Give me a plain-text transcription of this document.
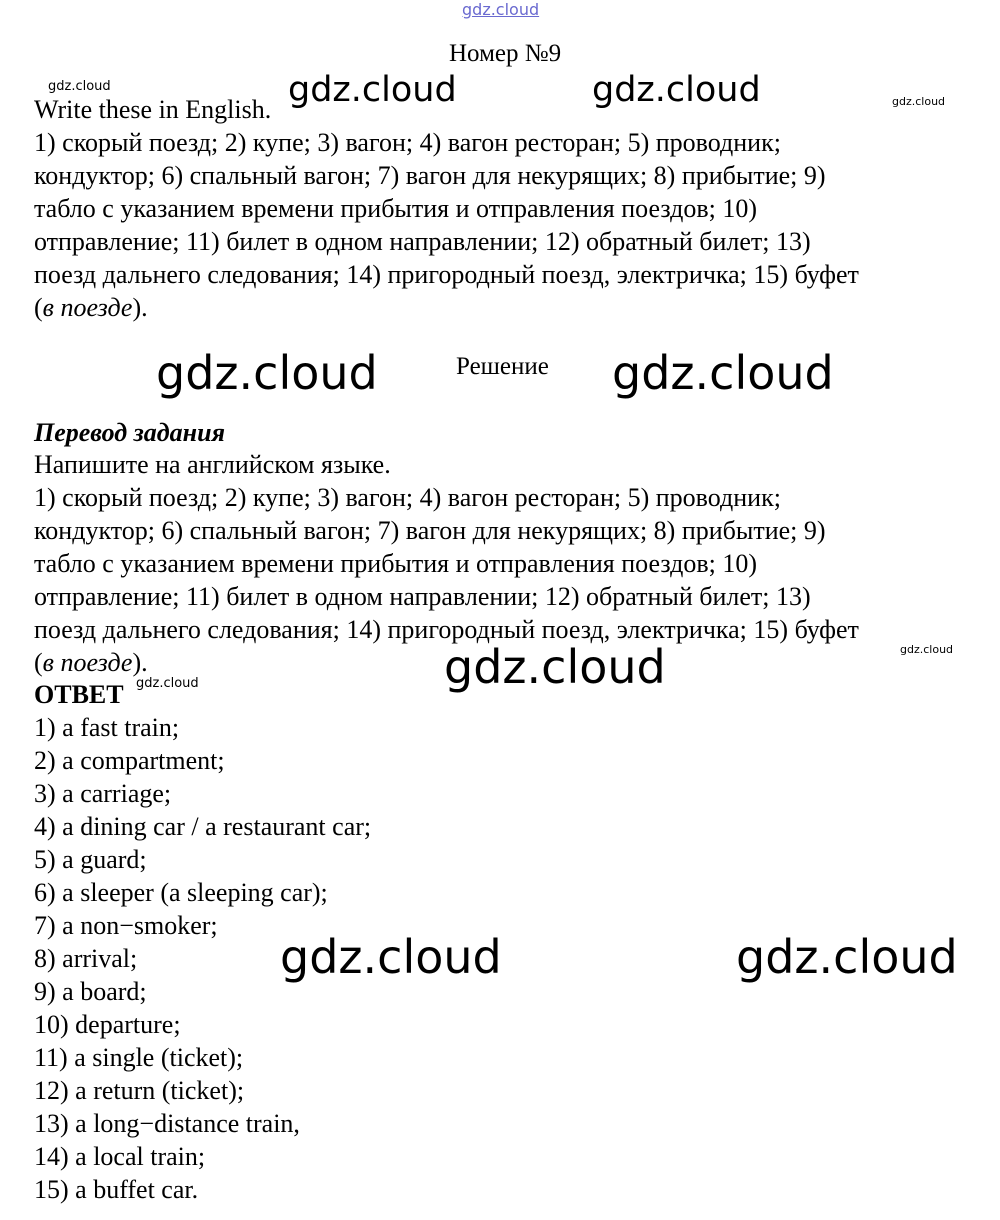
gdz.cloud
gdz.cloud	gdz.cloud	gdz.cloud	gdz.cloud
gdz.cloud	gdz.cloud
gdz.cloud	gdz.cloud
gdz.cloud
gdz.cloud	gdz.cloud
Номер №9
Write these in English.
1) скорый поезд; 2) купе; 3) вагон; 4) вагон ресторан; 5) проводник;
кондуктор; 6) спальный вагон; 7) вагон для некурящих; 8) прибытие; 9)
табло с указанием времени прибытия и отправления поездов; 10)
отправление; 11) билет в одном направлении; 12) обратный билет; 13)
поезд дальнего следования; 14) пригородный поезд, электричка; 15) буфет
(в поезде).
Решение
Перевод задания
Напишите на английском языке.
1) скорый поезд; 2) купе; 3) вагон; 4) вагон ресторан; 5) проводник;
кондуктор; 6) спальный вагон; 7) вагон для некурящих; 8) прибытие; 9)
табло с указанием времени прибытия и отправления поездов; 10)
отправление; 11) билет в одном направлении; 12) обратный билет; 13)
поезд дальнего следования; 14) пригородный поезд, электричка; 15) буфет
(в поезде).
ОТВЕТ
1) a fast train;
2) a compartment;
3) a carriage;
4) a dining car / a restaurant car;
5) a guard;
6) a sleeper (a sleeping car);
7) a non−smoker;
8) arrival;
9) a board;
10) departure;
11) a single (ticket);
12) a return (ticket);
13) a long−distance train,
14) a local train;
15) a buffet car.
